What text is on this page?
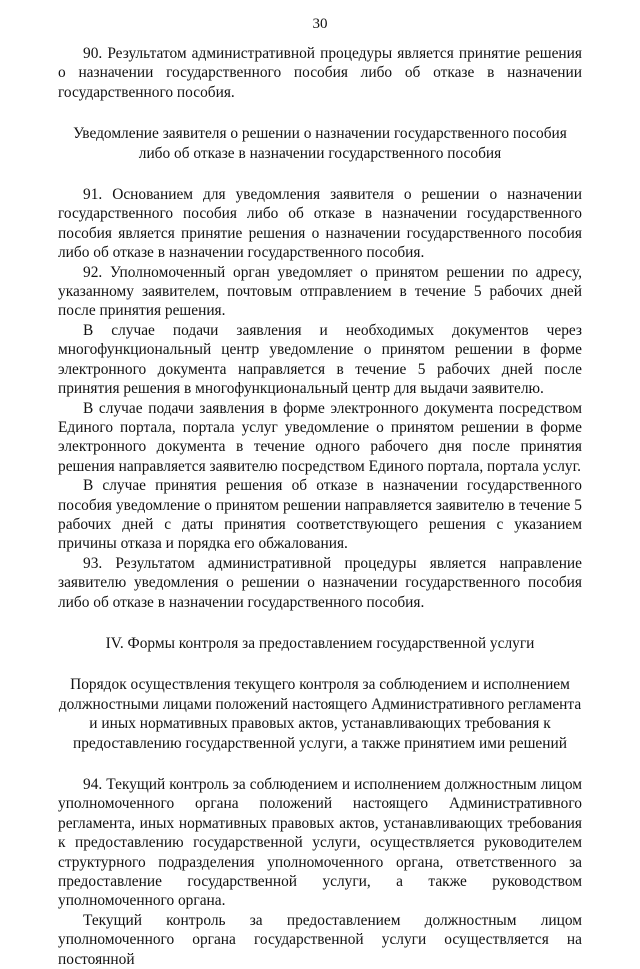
30

90. Результатом административной процедуры является принятие решения о назначении государственного пособия либо об отказе в назначении государственного пособия.

Уведомление заявителя о решении о назначении государственного пособия либо об отказе в назначении государственного пособия

91. Основанием для уведомления заявителя о решении о назначении государственного пособия либо об отказе в назначении государственного пособия является принятие решения о назначении государственного пособия либо об отказе в назначении государственного пособия.

92. Уполномоченный орган уведомляет о принятом решении по адресу, указанному заявителем, почтовым отправлением в течение 5 рабочих дней после принятия решения.

В случае подачи заявления и необходимых документов через многофункциональный центр уведомление о принятом решении в форме электронного документа направляется в течение 5 рабочих дней после принятия решения в многофункциональный центр для выдачи заявителю.

В случае подачи заявления в форме электронного документа посредством Единого портала, портала услуг уведомление о принятом решении в форме электронного документа в течение одного рабочего дня после принятия решения направляется заявителю посредством Единого портала, портала услуг.

В случае принятия решения об отказе в назначении государственного пособия уведомление о принятом решении направляется заявителю в течение 5 рабочих дней с даты принятия соответствующего решения с указанием причины отказа и порядка его обжалования.

93. Результатом административной процедуры является направление заявителю уведомления о решении о назначении государственного пособия либо об отказе в назначении государственного пособия.

IV. Формы контроля за предоставлением государственной услуги

Порядок осуществления текущего контроля за соблюдением и исполнением должностными лицами положений настоящего Административного регламента и иных нормативных правовых актов, устанавливающих требования к предоставлению государственной услуги, а также принятием ими решений

94. Текущий контроль за соблюдением и исполнением должностным лицом уполномоченного органа положений настоящего Административного регламента, иных нормативных правовых актов, устанавливающих требования к предоставлению государственной услуги, осуществляется руководителем структурного подразделения уполномоченного органа, ответственного за предоставление государственной услуги, а также руководством уполномоченного органа.

Текущий контроль за предоставлением должностным лицом уполномоченного органа государственной услуги осуществляется на постоянной
